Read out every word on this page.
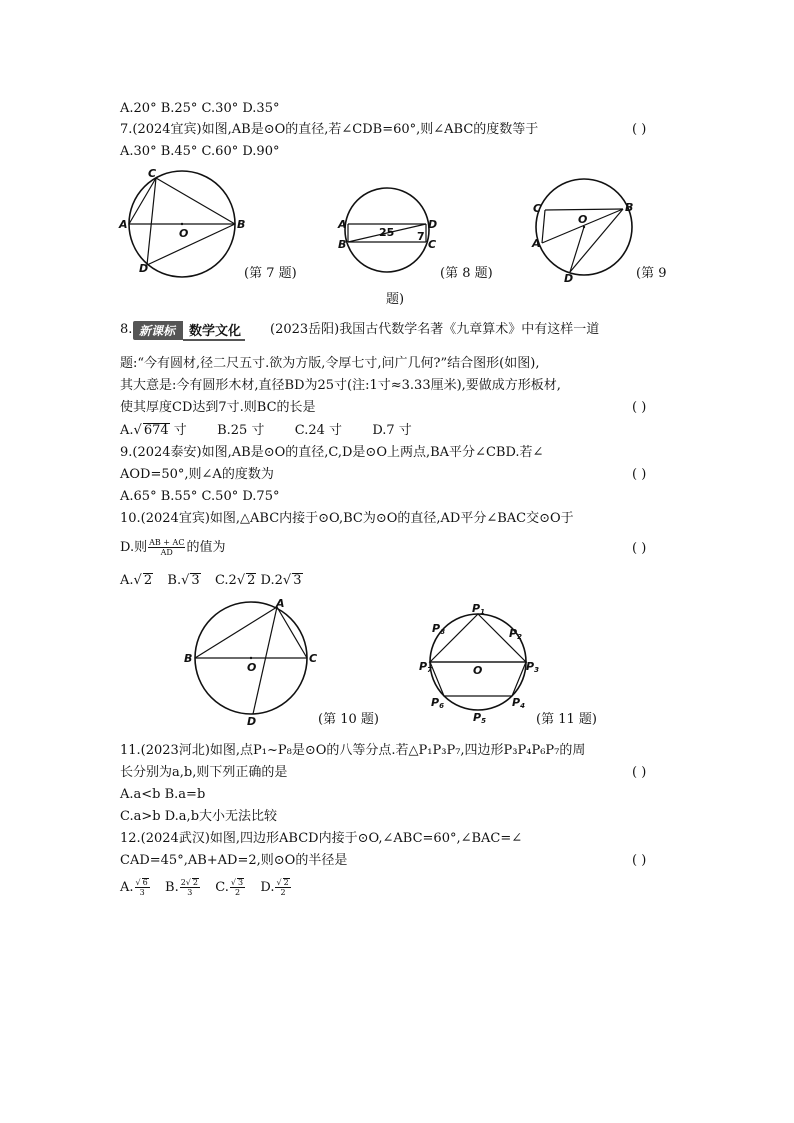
A.20° B.25° C.30° D.35°
7.(2024宜宾)如图,AB是⊙O的直径,若∠CDB=60°,则∠ABC的度数等于	( )
A.30° B.45° C.60° D.90°
A	B
C
D
O
(第 7 题)
A
B
D
C
25 7
(第 8 题)
C	B
A
D
O
(第 9
题)
8. 新课标	数学文化	(2023岳阳)我国古代数学名著《九章算术》中有这样一道
题:“今有圆材,径二尺五寸.欲为方版,令厚七寸,问广几何?”结合图形(如图),
其大意是:今有圆形木材,直径BD为25寸(注:1寸≈3.33厘米),要做成方形板材,
使其厚度CD达到7寸.则BC的长是	( )
A.√ 674 寸 B.25 寸 C.24 寸 D.7 寸
9.(2024泰安)如图,AB是⊙O的直径,C,D是⊙O上两点,BA平分∠CBD.若∠
AOD=50°,则∠A的度数为	( )
A.65° B.55° C.50° D.75°
10.(2024宜宾)如图,△ABC内接于⊙O,BC为⊙O的直径,AD平分∠BAC交⊙O于
D.则 $\frac{AB + AC}{AD}$ 的值为	( )
A.√ 2 B.√ 3 C.2√ 2 D.2√ 3
A
B	C
D
O
(第 10 题)
P1
P2
P3
P4
P5
P6
P7
P8
O
(第 11 题)
11.(2023河北)如图,点P₁~P₈是⊙O的八等分点.若△P₁P₃P₇,四边形P₃P₄P₆P₇的周
长分别为a,b,则下列正确的是	( )
A.a<b B.a=b
C.a>b D.a,b大小无法比较
12.(2024武汉)如图,四边形ABCD内接于⊙O,∠ABC=60°,∠BAC=∠
CAD=45°,AB+AD=2,则⊙O的半径是	( )
A. $\frac{√ 6}{3} B$. $\frac{2√ 2}{3} C$. $\frac{√ 3}{2} D$. $\frac{√ 2}{2}$
